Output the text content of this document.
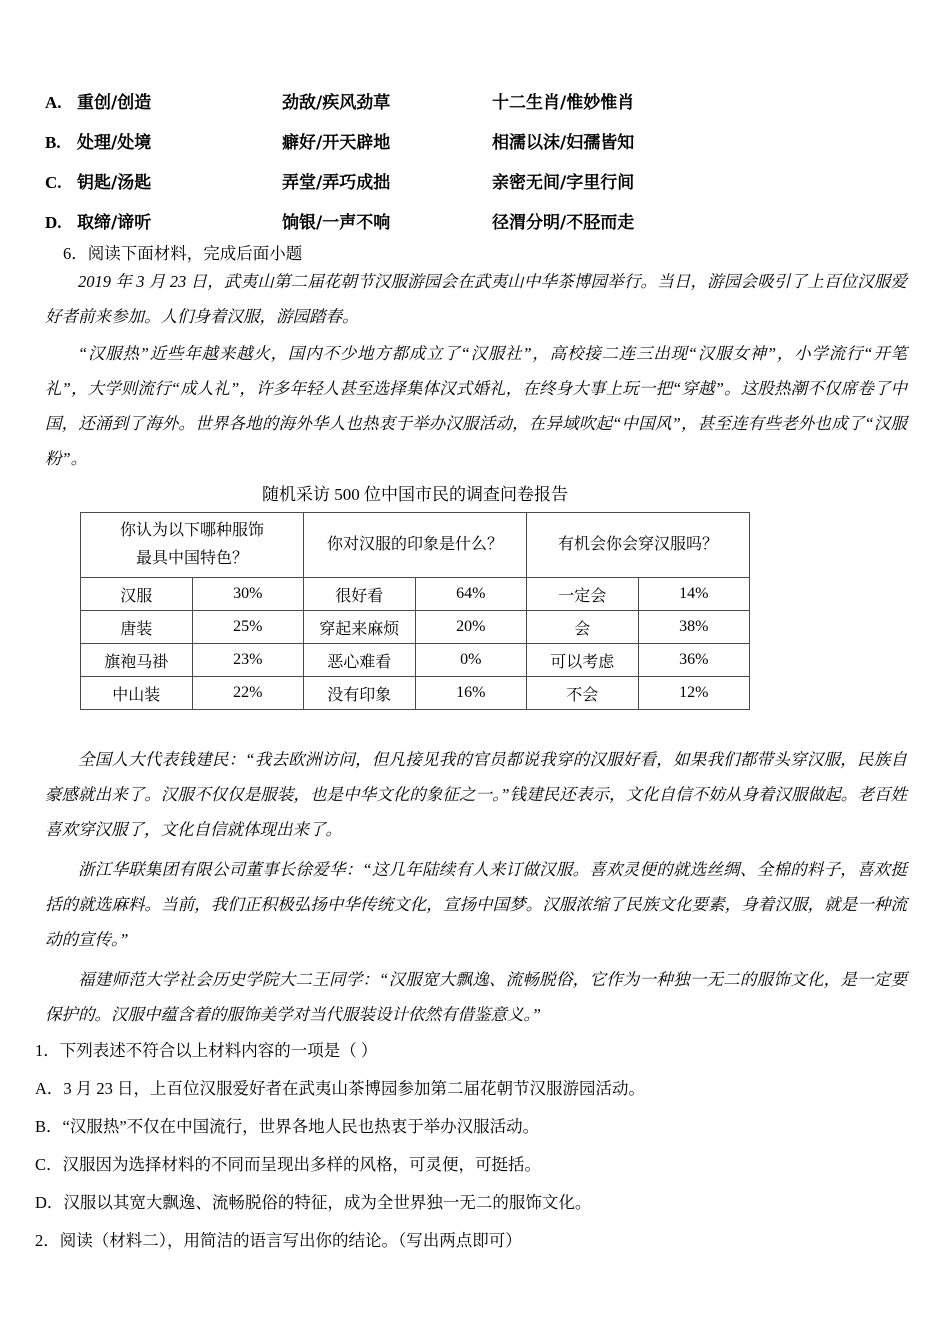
A. 重创/创造	劲敌/疾风劲草	十二生肖/惟妙惟肖
B. 处理/处境	癖好/开天辟地	相濡以沫/妇孺皆知
C. 钥匙/汤匙	弄堂/弄巧成拙	亲密无间/字里行间
D. 取缔/谛听	饷银/一声不响	径渭分明/不胫而走
6．阅读下面材料，完成后面小题
2019 年 3 月 23 日，武夷山第二届花朝节汉服游园会在武夷山中华茶博园举行。当日，游园会吸引了上百位汉服爱好者前来参加。人们身着汉服，游园踏春。
“汉服热”近些年越来越火，国内不少地方都成立了“汉服社”，高校接二连三出现“汉服女神”，小学流行“开笔礼”，大学则流行“成人礼”，许多年轻人甚至选择集体汉式婚礼，在终身大事上玩一把“穿越”。这股热潮不仅席卷了中国，还涌到了海外。世界各地的海外华人也热衷于举办汉服活动，在异域吹起“中国风”，甚至连有些老外也成了“汉服粉”。
随机采访 500 位中国市民的调查问卷报告
你认为以下哪种服饰
最具中国特色？		你对汉服的印象是什么？		有机会你会穿汉服吗？	
汉服	30%	很好看	64%	一定会	14%
唐装	25%	穿起来麻烦	20%	会	38%
旗袍马褂	23%	恶心难看	0%	可以考虑	36%
中山装	22%	没有印象	16%	不会	12%
全国人大代表钱建民：“我去欧洲访问，但凡接见我的官员都说我穿的汉服好看，如果我们都带头穿汉服，民族自豪感就出来了。汉服不仅仅是服装，也是中华文化的象征之一。”钱建民还表示，文化自信不妨从身着汉服做起。老百姓喜欢穿汉服了，文化自信就体现出来了。
浙江华联集团有限公司董事长徐爱华：“这几年陆续有人来订做汉服。喜欢灵便的就选丝绸、全棉的料子，喜欢挺括的就选麻料。当前，我们正积极弘扬中华传统文化，宣扬中国梦。汉服浓缩了民族文化要素，身着汉服，就是一种流动的宣传。”
福建师范大学社会历史学院大二王同学：“汉服宽大飘逸、流畅脱俗，它作为一种独一无二的服饰文化，是一定要保护的。汉服中蕴含着的服饰美学对当代服装设计依然有借鉴意义。”
1．下列表述不符合以上材料内容的一项是（ ）
A．3 月 23 日，上百位汉服爱好者在武夷山茶博园参加第二届花朝节汉服游园活动。
B．“汉服热”不仅在中国流行，世界各地人民也热衷于举办汉服活动。
C．汉服因为选择材料的不同而呈现出多样的风格，可灵便，可挺括。
D．汉服以其宽大飘逸、流畅脱俗的特征，成为全世界独一无二的服饰文化。
2．阅读（材料二），用简洁的语言写出你的结论。（写出两点即可）
